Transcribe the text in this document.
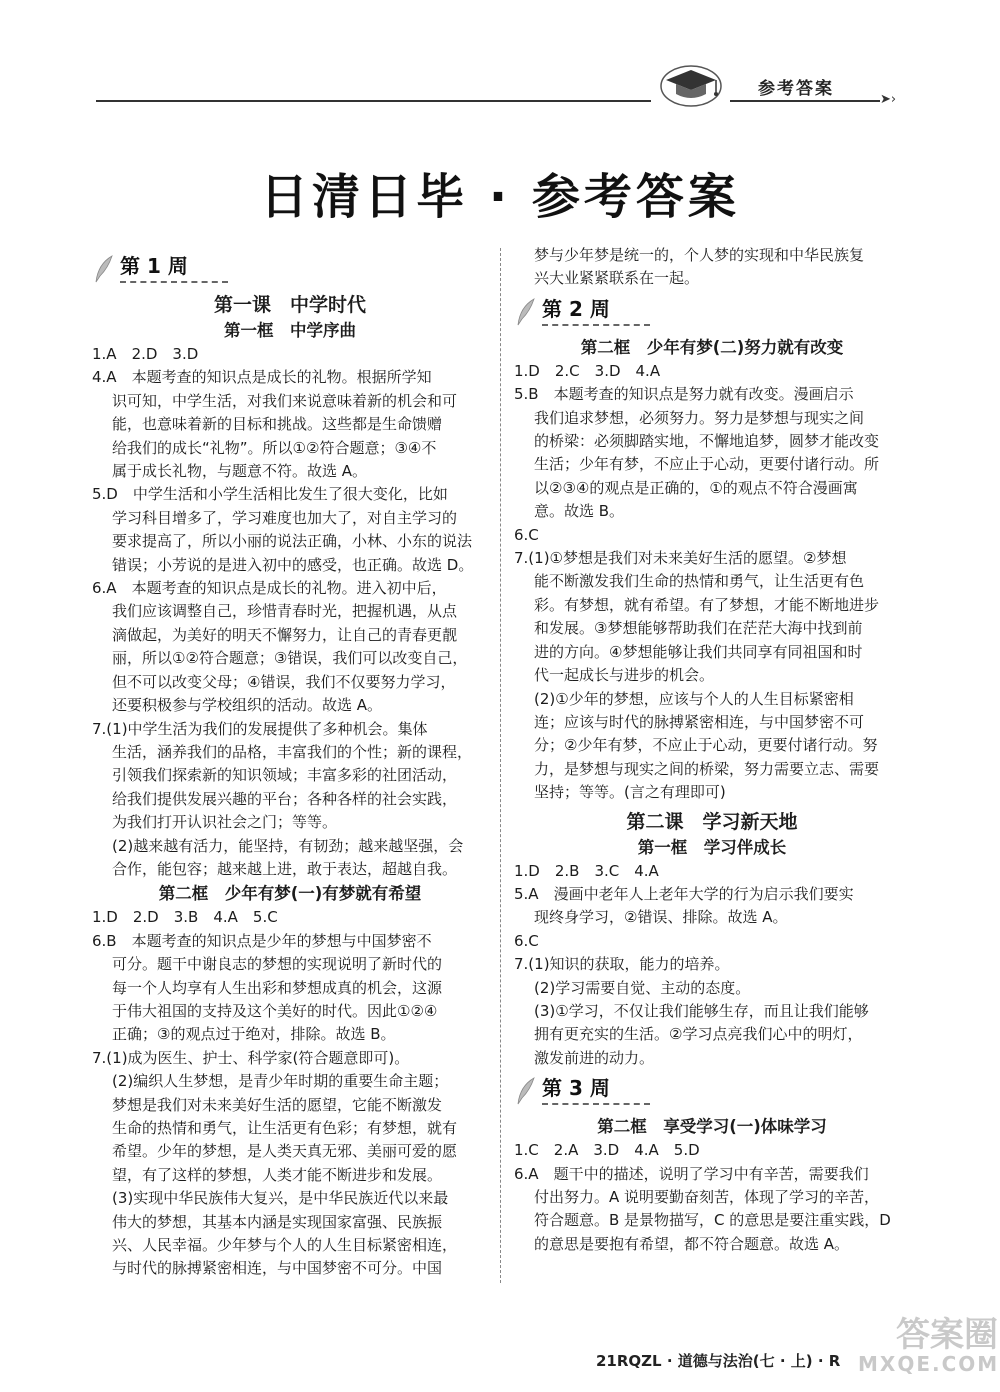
➤›
参考答案
日清日毕 · 参考答案
第 1 周
第一课　中学时代
第一框　中学序曲

1.A　2.D　3.D

4.A　本题考查的知识点是成长的礼物。根据所学知

识可知，中学生活，对我们来说意味着新的机会和可

能，也意味着新的目标和挑战。这些都是生命馈赠

给我们的成长“礼物”。所以①②符合题意；③④不

属于成长礼物，与题意不符。故选 A。

5.D　中学生活和小学生活相比发生了很大变化，比如

学习科目增多了，学习难度也加大了，对自主学习的

要求提高了，所以小丽的说法正确，小林、小东的说法

错误；小芳说的是进入初中的感受，也正确。故选 D。

6.A　本题考查的知识点是成长的礼物。进入初中后，

我们应该调整自己，珍惜青春时光，把握机遇，从点

滴做起，为美好的明天不懈努力，让自己的青春更靓

丽，所以①②符合题意；③错误，我们可以改变自己，

但不可以改变父母；④错误，我们不仅要努力学习，

还要积极参与学校组织的活动。故选 A。

7.(1)中学生活为我们的发展提供了多种机会。集体

生活，涵养我们的品格，丰富我们的个性；新的课程，

引领我们探索新的知识领域；丰富多彩的社团活动，

给我们提供发展兴趣的平台；各种各样的社会实践，

为我们打开认识社会之门；等等。

(2)越来越有活力，能坚持，有韧劲；越来越坚强，会

合作，能包容；越来越上进，敢于表达，超越自我。

第二框　少年有梦(一)有梦就有希望

1.D　2.D　3.B　4.A　5.C

6.B　本题考查的知识点是少年的梦想与中国梦密不

可分。题干中谢良志的梦想的实现说明了新时代的

每一个人均享有人生出彩和梦想成真的机会，这源

于伟大祖国的支持及这个美好的时代。因此①②④

正确；③的观点过于绝对，排除。故选 B。

7.(1)成为医生、护士、科学家(符合题意即可)。

(2)编织人生梦想，是青少年时期的重要生命主题；

梦想是我们对未来美好生活的愿望，它能不断激发

生命的热情和勇气，让生活更有色彩；有梦想，就有

希望。少年的梦想，是人类天真无邪、美丽可爱的愿

望，有了这样的梦想，人类才能不断进步和发展。

(3)实现中华民族伟大复兴，是中华民族近代以来最

伟大的梦想，其基本内涵是实现国家富强、民族振

兴、人民幸福。少年梦与个人的人生目标紧密相连，

与时代的脉搏紧密相连，与中国梦密不可分。中国

梦与少年梦是统一的，个人梦的实现和中华民族复

兴大业紧紧联系在一起。

第 2 周
第二框　少年有梦(二)努力就有改变

1.D　2.C　3.D　4.A

5.B　本题考查的知识点是努力就有改变。漫画启示

我们追求梦想，必须努力。努力是梦想与现实之间

的桥梁：必须脚踏实地，不懈地追梦，圆梦才能改变

生活；少年有梦，不应止于心动，更要付诸行动。所

以②③④的观点是正确的，①的观点不符合漫画寓

意。故选 B。

6.C

7.(1)①梦想是我们对未来美好生活的愿望。②梦想

能不断激发我们生命的热情和勇气，让生活更有色

彩。有梦想，就有希望。有了梦想，才能不断地进步

和发展。③梦想能够帮助我们在茫茫大海中找到前

进的方向。④梦想能够让我们共同享有同祖国和时

代一起成长与进步的机会。

(2)①少年的梦想，应该与个人的人生目标紧密相

连；应该与时代的脉搏紧密相连，与中国梦密不可

分；②少年有梦，不应止于心动，更要付诸行动。努

力，是梦想与现实之间的桥梁，努力需要立志、需要

坚持；等等。(言之有理即可)

第二课　学习新天地
第一框　学习伴成长

1.D　2.B　3.C　4.A

5.A　漫画中老年人上老年大学的行为启示我们要实

现终身学习，②错误、排除。故选 A。

6.C

7.(1)知识的获取，能力的培养。

(2)学习需要自觉、主动的态度。

(3)①学习，不仅让我们能够生存，而且让我们能够

拥有更充实的生活。②学习点亮我们心中的明灯，

激发前进的动力。

第 3 周
第二框　享受学习(一)体味学习

1.C　2.A　3.D　4.A　5.D

6.A　题干中的描述，说明了学习中有辛苦，需要我们

付出努力。A 说明要勤奋刻苦，体现了学习的辛苦，

符合题意。B 是景物描写，C 的意思是要注重实践，D

的意思是要抱有希望，都不符合题意。故选 A。

21RQZL · 道德与法治(七 · 上) · R
答案圈
MXQE.COM
